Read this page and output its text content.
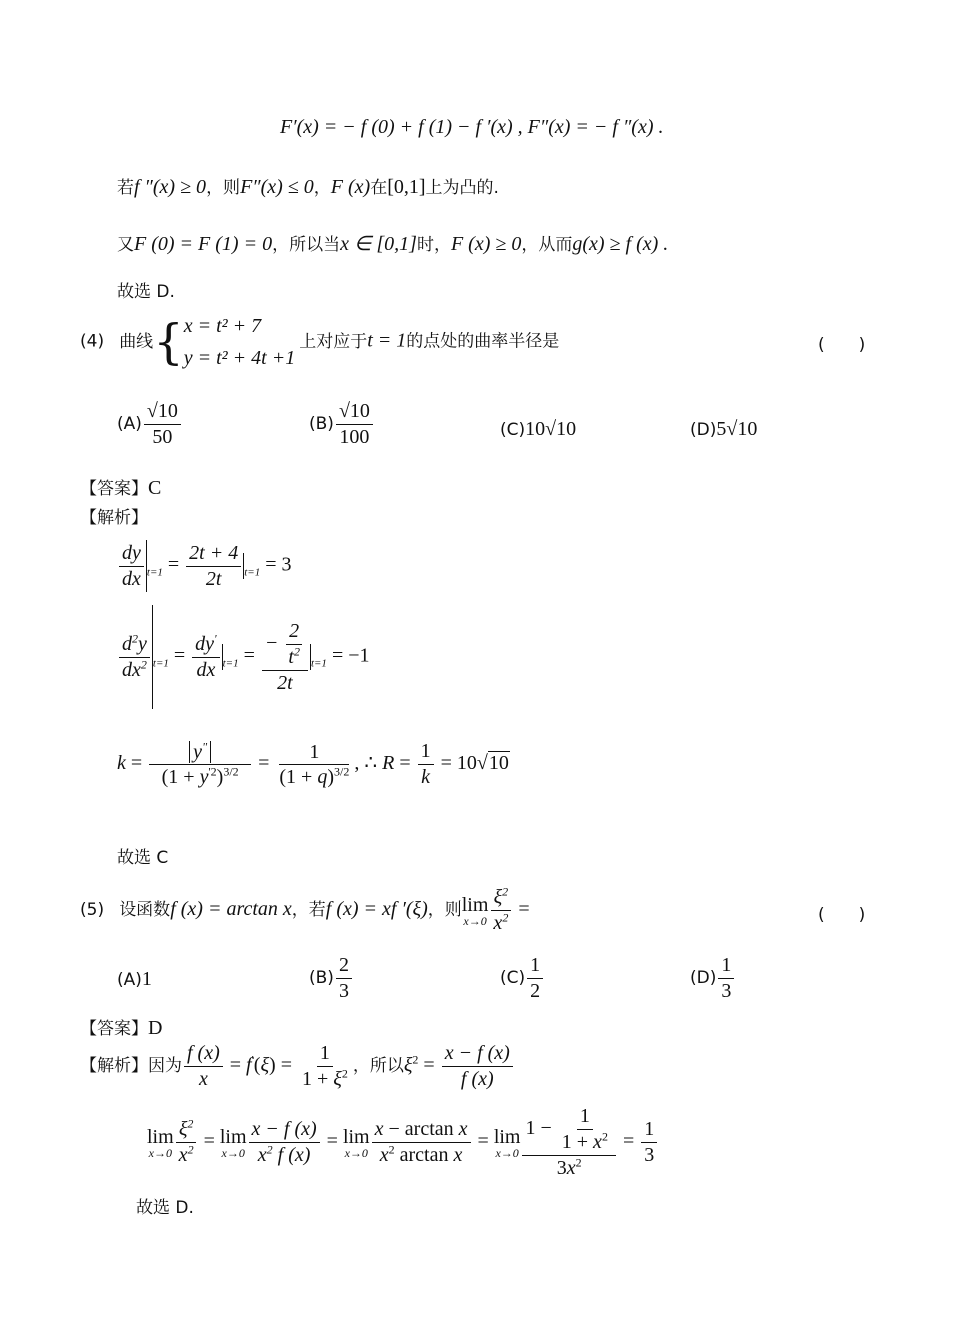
F′(x) = − f (0) + f (1) − f ′(x) , F″(x) = − f ″(x) .
若f ″(x) ≥ 0，则F″(x) ≤ 0，F (x)在[0,1]上为凸的.
又F (0) = F (1) = 0，所以当x ∈ [0,1]时，F (x) ≥ 0，从而g(x) ≥ f (x) .
故选 D.
(4) 曲线{ x = t² + 7
y = t² + 4t +1
上对应于t = 1的点处的曲率半径是	(　　)
$(A) \frac{√10}{50}$	$(B) \frac{√10}{100}$	(C)10√10	(D)5√10
【答案】C
【解析】
$\frac{dy}{dx} _{t=1} = \frac{2t + 4}{2t} _{t=1} = 3$
$\frac{d^2y}{dx^2} _{t=1} = \frac{dy'}{dx} _{t=1} = \frac{- \frac{2}{t^2}}{2t} _{t=1} = -1$
$k = \frac{y^"}{(1 + y^{'2})^{3/2}} = \frac{1}{(1 + q)^{3/2}}$ , ∴ $R = \frac{1}{k} = 10√10$
故选 C
(5) 设函数f (x) = arctan x，若f (x) = xf ′(ξ)，则 lim
$x\to 0 \frac{\xi^2}{x^2}$ =	(　　)
(A)1	$(B) \frac{2}{3}$	$(C) \frac{1}{2}$	$(D) \frac{1}{3}$
【答案】D
【解析】因为 $\frac{f (x)}{x} = f'(\xi) = \frac{1}{1 + \xi^2}$ ，所以$\xi^2 = \frac{x - f (x)}{f (x)}$
lim
$x\to 0 \frac{\xi^2}{x^2} = \lim$
$x\to 0 \frac{x - f (x)}{x^2 f (x)} = \lim$
$x\to 0 \frac{\text{x − arctan x}}{x^2 \arctan x} = \lim$
$x\to 0 \frac{1 - \frac{1}{1 + x^2}}{3x^2} = \frac{1}{3}$
故选 D.
